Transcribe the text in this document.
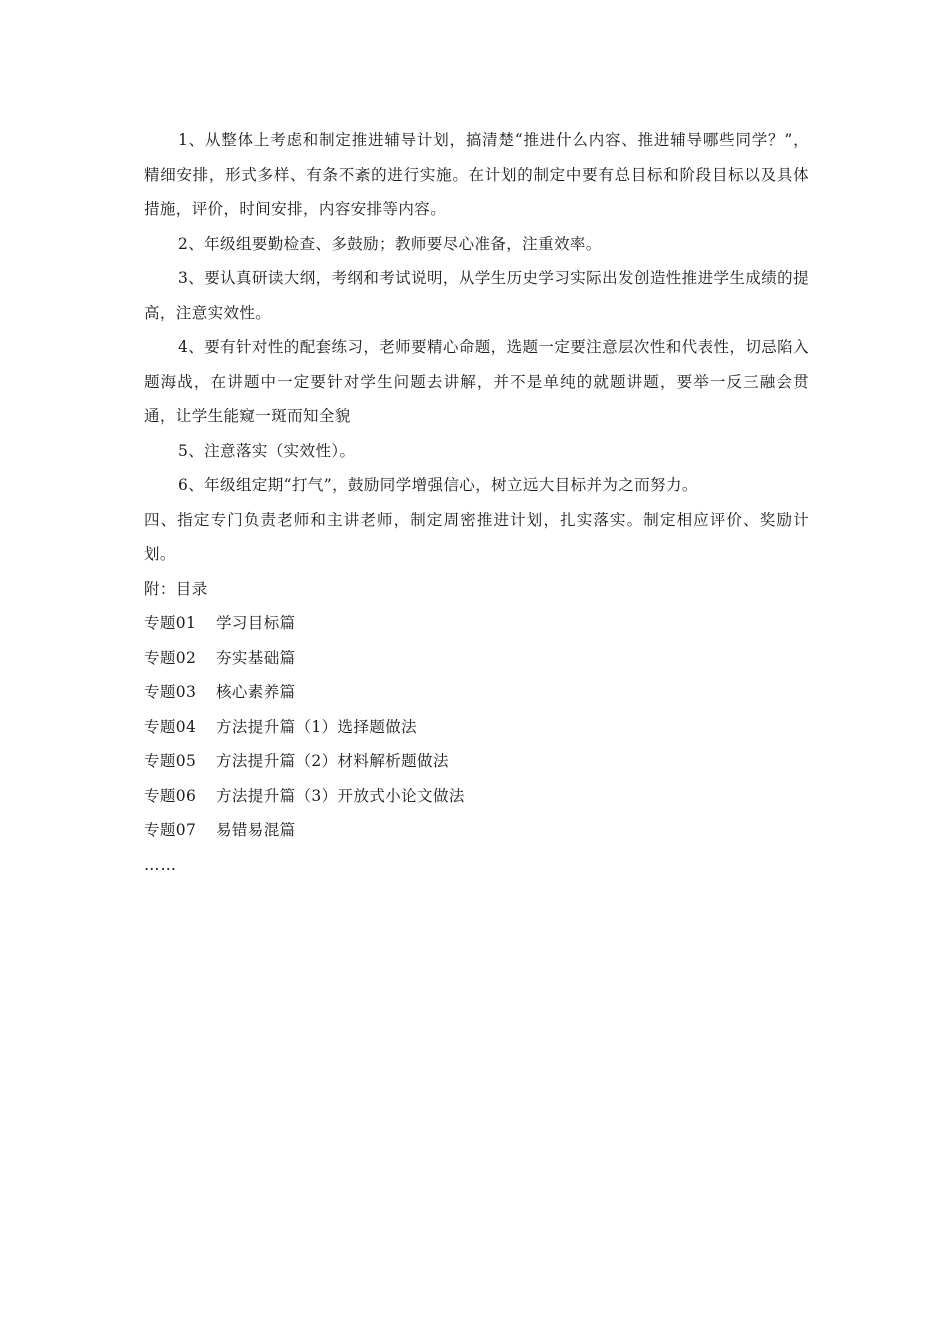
1、从整体上考虑和制定推进辅导计划，搞清楚“推进什么内容、推进辅导哪些同学？”，精细安排，形式多样、有条不紊的进行实施。在计划的制定中要有总目标和阶段目标以及具体措施，评价，时间安排，内容安排等内容。

2、年级组要勤检查、多鼓励；教师要尽心准备，注重效率。

3、要认真研读大纲，考纲和考试说明，从学生历史学习实际出发创造性推进学生成绩的提高，注意实效性。

4、要有针对性的配套练习，老师要精心命题，选题一定要注意层次性和代表性，切忌陷入题海战，在讲题中一定要针对学生问题去讲解，并不是单纯的就题讲题，要举一反三融会贯通，让学生能窥一斑而知全貌

5、注意落实（实效性）。

6、年级组定期“打气”，鼓励同学增强信心，树立远大目标并为之而努力。

四、指定专门负责老师和主讲老师，制定周密推进计划，扎实落实。制定相应评价、奖励计划。

附：目录

专题01 学习目标篇
专题02 夯实基础篇
专题03 核心素养篇
专题04 方法提升篇（1）选择题做法
专题05 方法提升篇（2）材料解析题做法
专题06 方法提升篇（3）开放式小论文做法
专题07 易错易混篇
……
